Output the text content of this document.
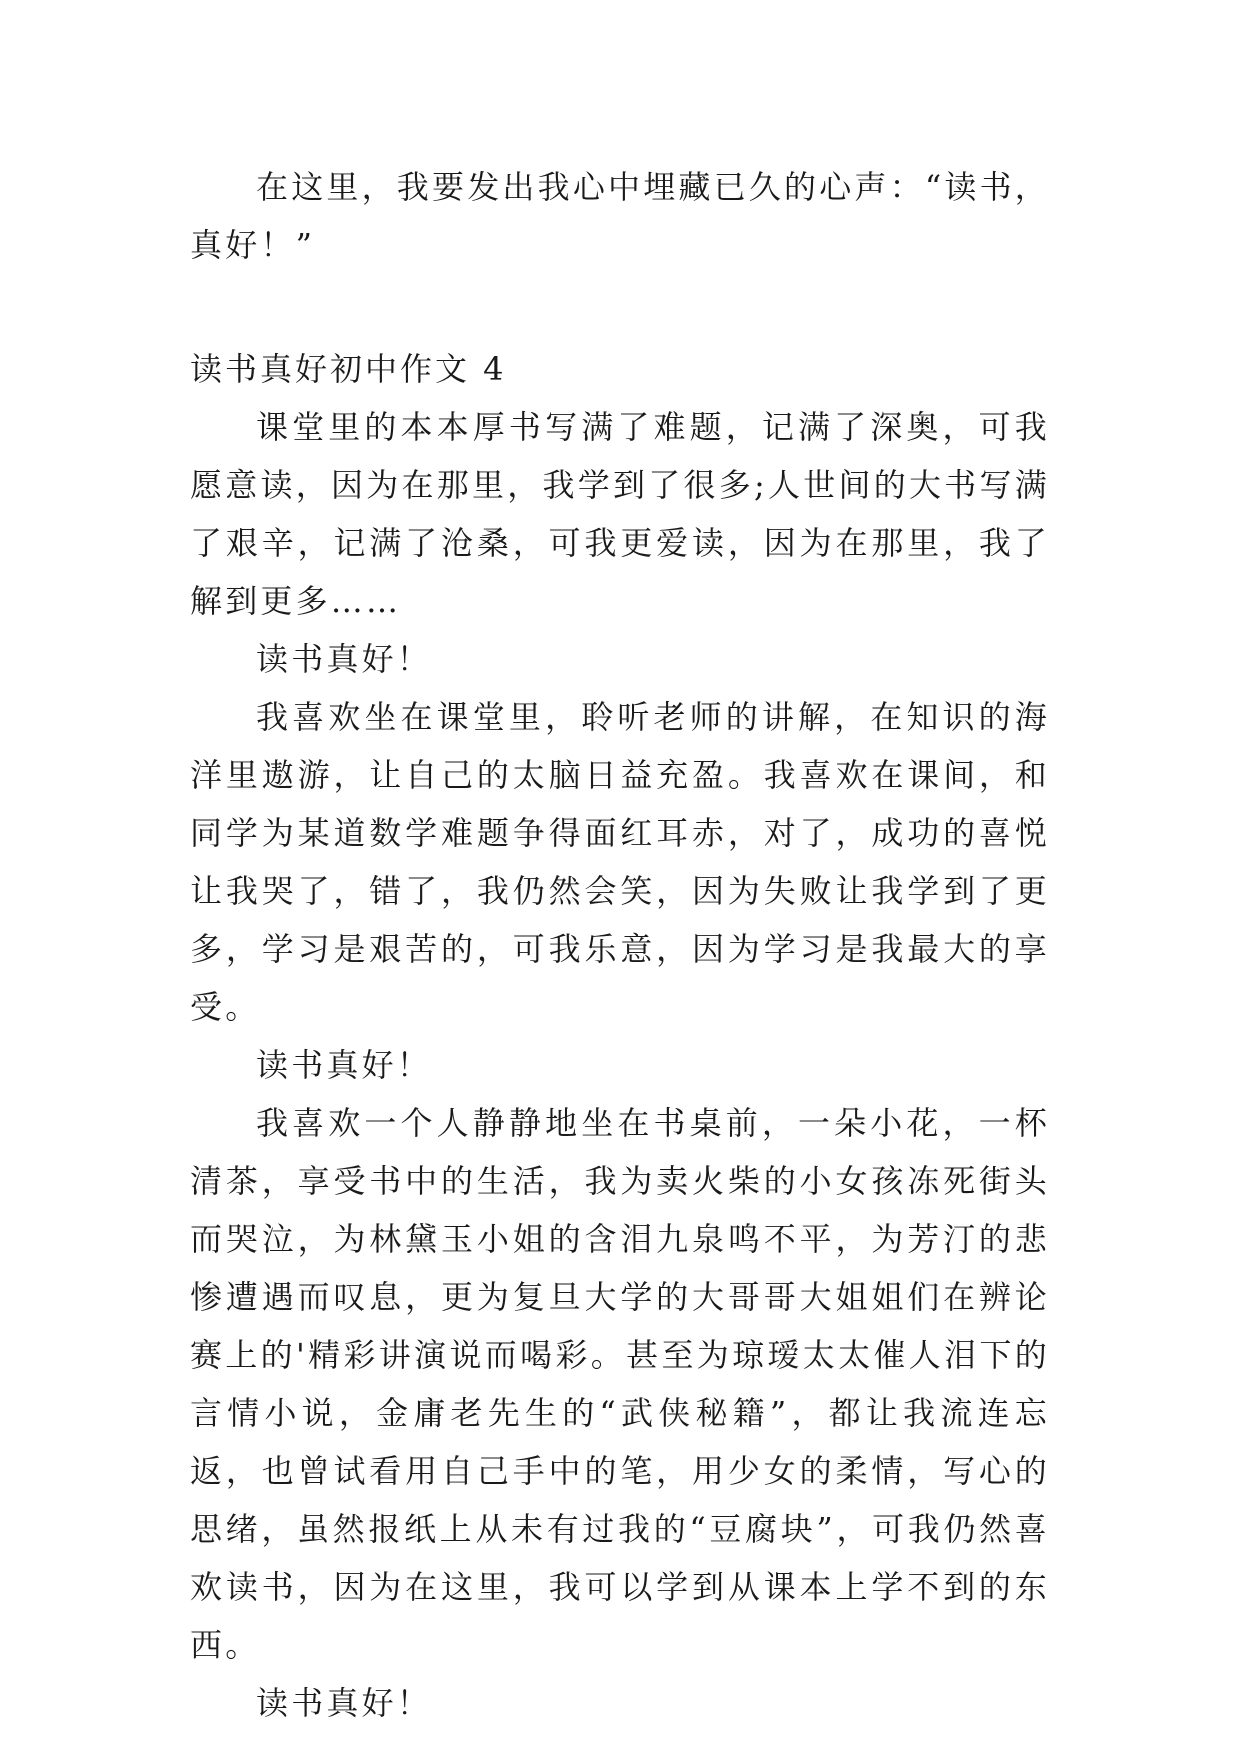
在这里，我要发出我心中埋藏已久的心声：“读书，真好！”

读书真好初中作文 4

课堂里的本本厚书写满了难题，记满了深奥，可我愿意读，因为在那里，我学到了很多;人世间的大书写满了艰辛，记满了沧桑，可我更爱读，因为在那里，我了解到更多……

读书真好！

我喜欢坐在课堂里，聆听老师的讲解，在知识的海洋里遨游，让自己的太脑日益充盈。我喜欢在课间，和同学为某道数学难题争得面红耳赤，对了，成功的喜悦让我哭了，错了，我仍然会笑，因为失败让我学到了更多，学习是艰苦的，可我乐意，因为学习是我最大的享受。

读书真好！

我喜欢一个人静静地坐在书桌前，一朵小花，一杯清茶，享受书中的生活，我为卖火柴的小女孩冻死街头而哭泣，为林黛玉小姐的含泪九泉鸣不平，为芳汀的悲惨遭遇而叹息，更为复旦大学的大哥哥大姐姐们在辨论赛上的'精彩讲演说而喝彩。甚至为琼瑷太太催人泪下的言情小说，金庸老先生的“武侠秘籍”，都让我流连忘返，也曾试看用自己手中的笔，用少女的柔情，写心的思绪，虽然报纸上从未有过我的“豆腐块”，可我仍然喜欢读书，因为在这里，我可以学到从课本上学不到的东西。

读书真好！
